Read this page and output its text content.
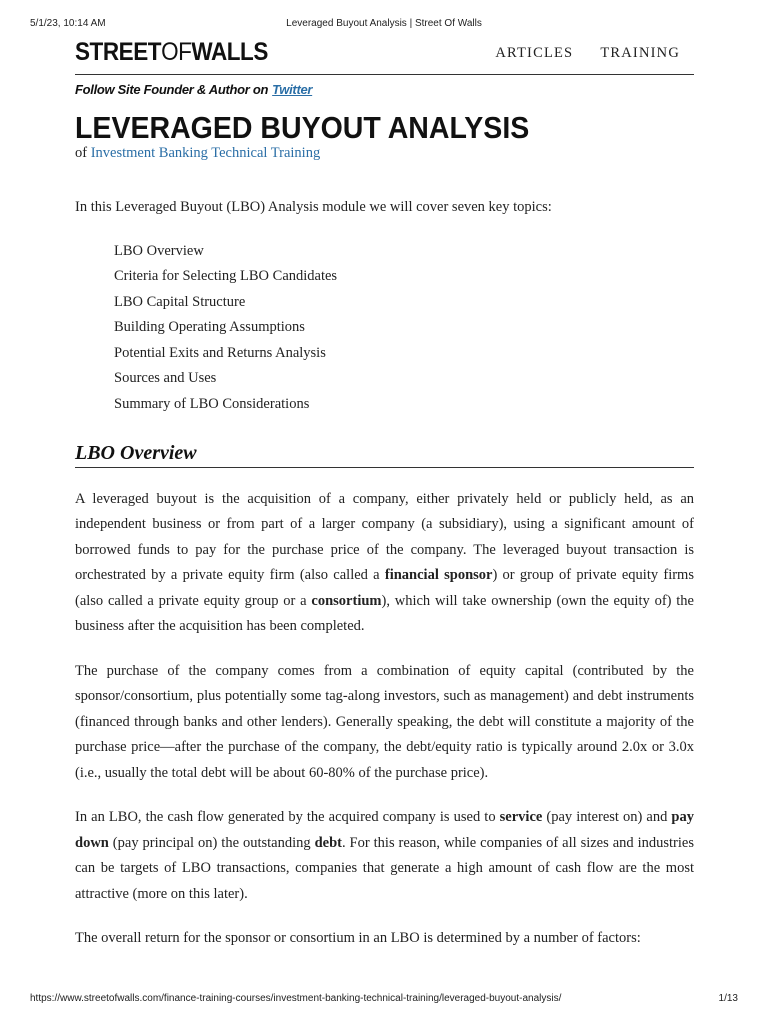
5/1/23, 10:14 AM	Leveraged Buyout Analysis | Street Of Walls
STREETOFWALLS	ARTICLES TRAINING
Follow Site Founder & Author on Twitter
LEVERAGED BUYOUT ANALYSIS
of Investment Banking Technical Training

In this Leveraged Buyout (LBO) Analysis module we will cover seven key topics:

LBO Overview
Criteria for Selecting LBO Candidates
LBO Capital Structure
Building Operating Assumptions
Potential Exits and Returns Analysis
Sources and Uses
Summary of LBO Considerations
LBO Overview

A leveraged buyout is the acquisition of a company, either privately held or publicly held, as an independent business or from part of a larger company (a subsidiary), using a significant amount of borrowed funds to pay for the purchase price of the company. The leveraged buyout transaction is orchestrated by a private equity firm (also called a financial sponsor) or group of private equity firms (also called a private equity group or a consortium), which will take ownership (own the equity of) the business after the acquisition has been completed.

The purchase of the company comes from a combination of equity capital (contributed by the sponsor/consortium, plus potentially some tag-along investors, such as management) and debt instruments (financed through banks and other lenders). Generally speaking, the debt will constitute a majority of the purchase price—after the purchase of the company, the debt/equity ratio is typically around 2.0x or 3.0x (i.e., usually the total debt will be about 60-80% of the purchase price).

In an LBO, the cash flow generated by the acquired company is used to service (pay interest on) and pay down (pay principal on) the outstanding debt. For this reason, while companies of all sizes and industries can be targets of LBO transactions, companies that generate a high amount of cash flow are the most attractive (more on this later).

The overall return for the sponsor or consortium in an LBO is determined by a number of factors:

https://www.streetofwalls.com/finance-training-courses/investment-banking-technical-training/leveraged-buyout-analysis/	1/13
